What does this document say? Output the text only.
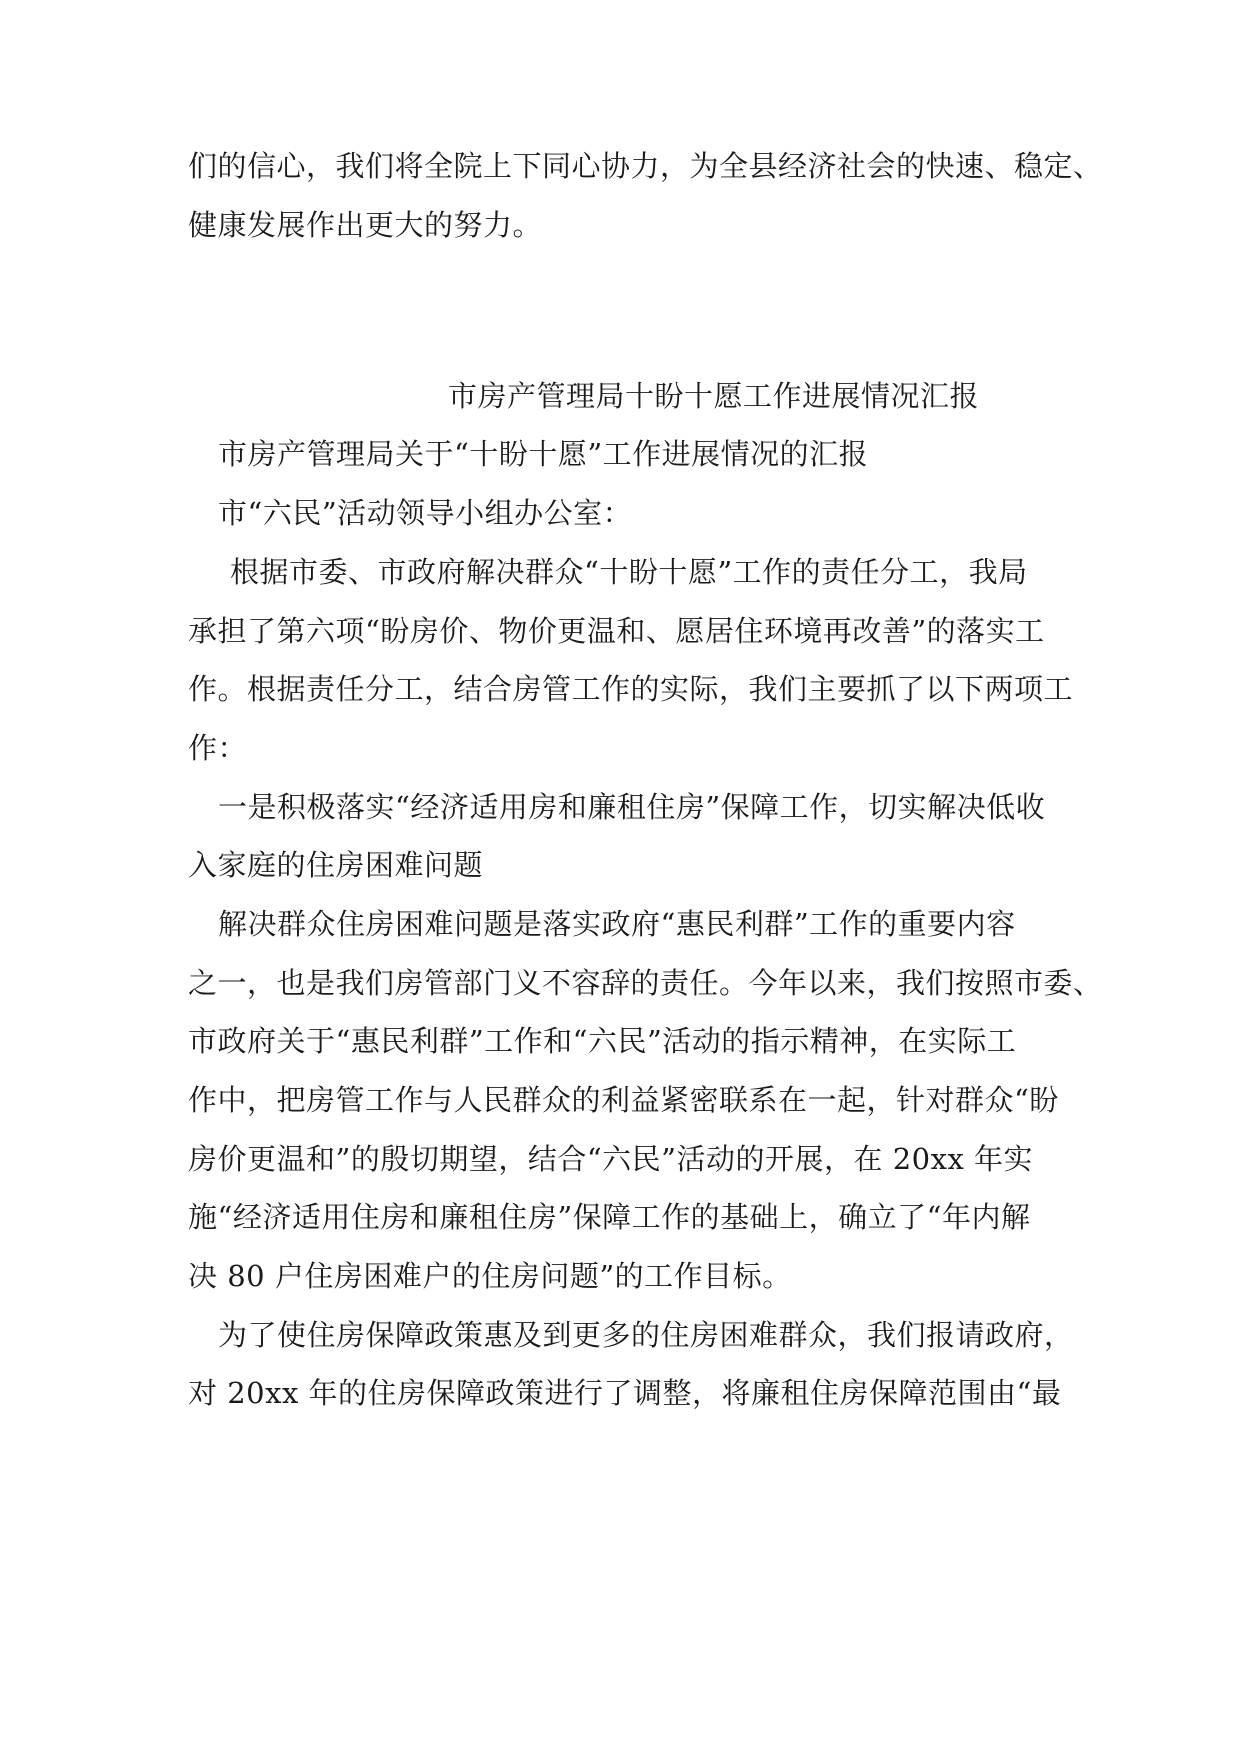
们的信心，我们将全院上下同心协力，为全县经济社会的快速、稳定、

健康发展作出更大的努力。

市房产管理局十盼十愿工作进展情况汇报

市房产管理局关于“十盼十愿”工作进展情况的汇报

市“六民”活动领导小组办公室：

根据市委、市政府解决群众“十盼十愿”工作的责任分工，我局

承担了第六项“盼房价、物价更温和、愿居住环境再改善”的落实工

作。根据责任分工，结合房管工作的实际，我们主要抓了以下两项工

作：

一是积极落实“经济适用房和廉租住房”保障工作，切实解决低收

入家庭的住房困难问题

解决群众住房困难问题是落实政府“惠民利群”工作的重要内容

之一，也是我们房管部门义不容辞的责任。今年以来，我们按照市委、

市政府关于“惠民利群”工作和“六民”活动的指示精神，在实际工

作中，把房管工作与人民群众的利益紧密联系在一起，针对群众“盼

房价更温和”的殷切期望，结合“六民”活动的开展，在 20xx 年实

施“经济适用住房和廉租住房”保障工作的基础上，确立了“年内解

决 80 户住房困难户的住房问题”的工作目标。

为了使住房保障政策惠及到更多的住房困难群众，我们报请政府，

对 20xx 年的住房保障政策进行了调整，将廉租住房保障范围由“最
